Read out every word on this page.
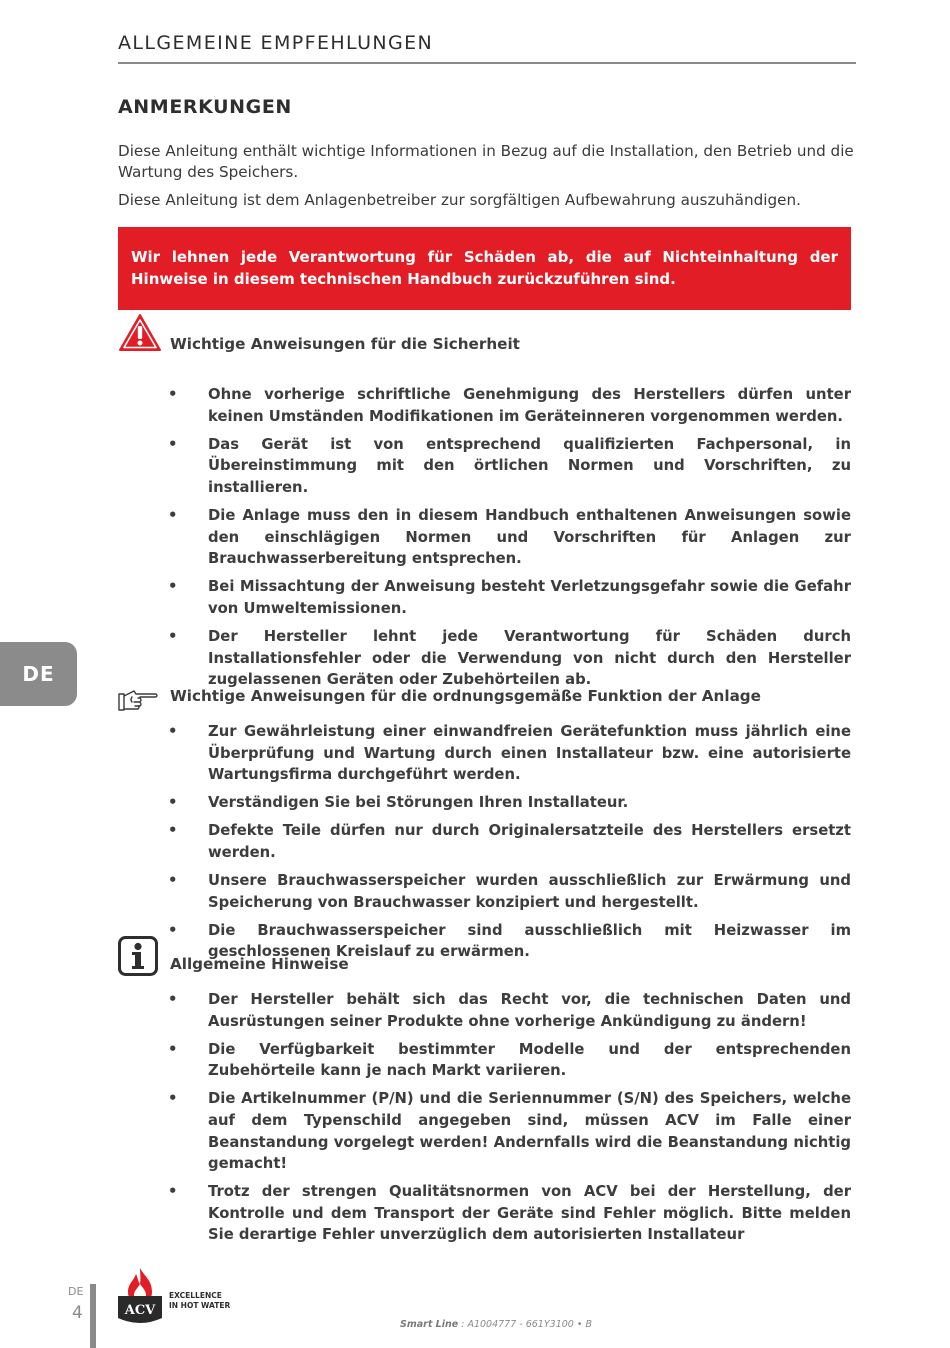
ALLGEMEINE EMPFEHLUNGEN
ANMERKUNGEN
Diese Anleitung enthält wichtige Informationen in Bezug auf die Installation, den Betrieb und die Wartung des Speichers.
Diese Anleitung ist dem Anlagenbetreiber zur sorgfältigen Aufbewahrung auszuhändigen.
Wir lehnen jede Verantwortung für Schäden ab, die auf Nichteinhaltung der Hinweise in diesem technischen Handbuch zurückzuführen sind.
Wichtige Anweisungen für die Sicherheit
• Ohne vorherige schriftliche Genehmigung des Herstellers dürfen unter keinen Umständen Modifikationen im Geräteinneren vorgenommen werden.
• Das Gerät ist von entsprechend qualifizierten Fachpersonal, in Übereinstimmung mit den örtlichen Normen und Vorschriften, zu installieren.
• Die Anlage muss den in diesem Handbuch enthaltenen Anweisungen sowie den einschlägigen Normen und Vorschriften für Anlagen zur Brauchwasserbereitung entsprechen.
• Bei Missachtung der Anweisung besteht Verletzungsgefahr sowie die Gefahr von Umweltemissionen.
• Der Hersteller lehnt jede Verantwortung für Schäden durch Installationsfehler oder die Verwendung von nicht durch den Hersteller zugelassenen Geräten oder Zubehörteilen ab.
DE
Wichtige Anweisungen für die ordnungsgemäße Funktion der Anlage
• Zur Gewährleistung einer einwandfreien Gerätefunktion muss jährlich eine Überprüfung und Wartung durch einen Installateur bzw. eine autorisierte Wartungsfirma durchgeführt werden.
• Verständigen Sie bei Störungen Ihren Installateur.
• Defekte Teile dürfen nur durch Originalersatzteile des Herstellers ersetzt werden.
• Unsere Brauchwasserspeicher wurden ausschließlich zur Erwärmung und Speicherung von Brauchwasser konzipiert und hergestellt.
• Die Brauchwasserspeicher sind ausschließlich mit Heizwasser im geschlossenen Kreislauf zu erwärmen.
Allgemeine Hinweise
• Der Hersteller behält sich das Recht vor, die technischen Daten und Ausrüstungen seiner Produkte ohne vorherige Ankündigung zu ändern!
• Die Verfügbarkeit bestimmter Modelle und der entsprechenden Zubehörteile kann je nach Markt variieren.
• Die Artikelnummer (P/N) und die Seriennummer (S/N) des Speichers, welche auf dem Typenschild angegeben sind, müssen ACV im Falle einer Beanstandung vorgelegt werden! Andernfalls wird die Beanstandung nichtig gemacht!
• Trotz der strengen Qualitätsnormen von ACV bei der Herstellung, der Kontrolle und dem Transport der Geräte sind Fehler möglich. Bitte melden Sie derartige Fehler unverzüglich dem autorisierten Installateur
DE
4	ACV
EXCELLENCE
IN HOT WATER
Smart Line : A1004777 - 661Y3100 • B
